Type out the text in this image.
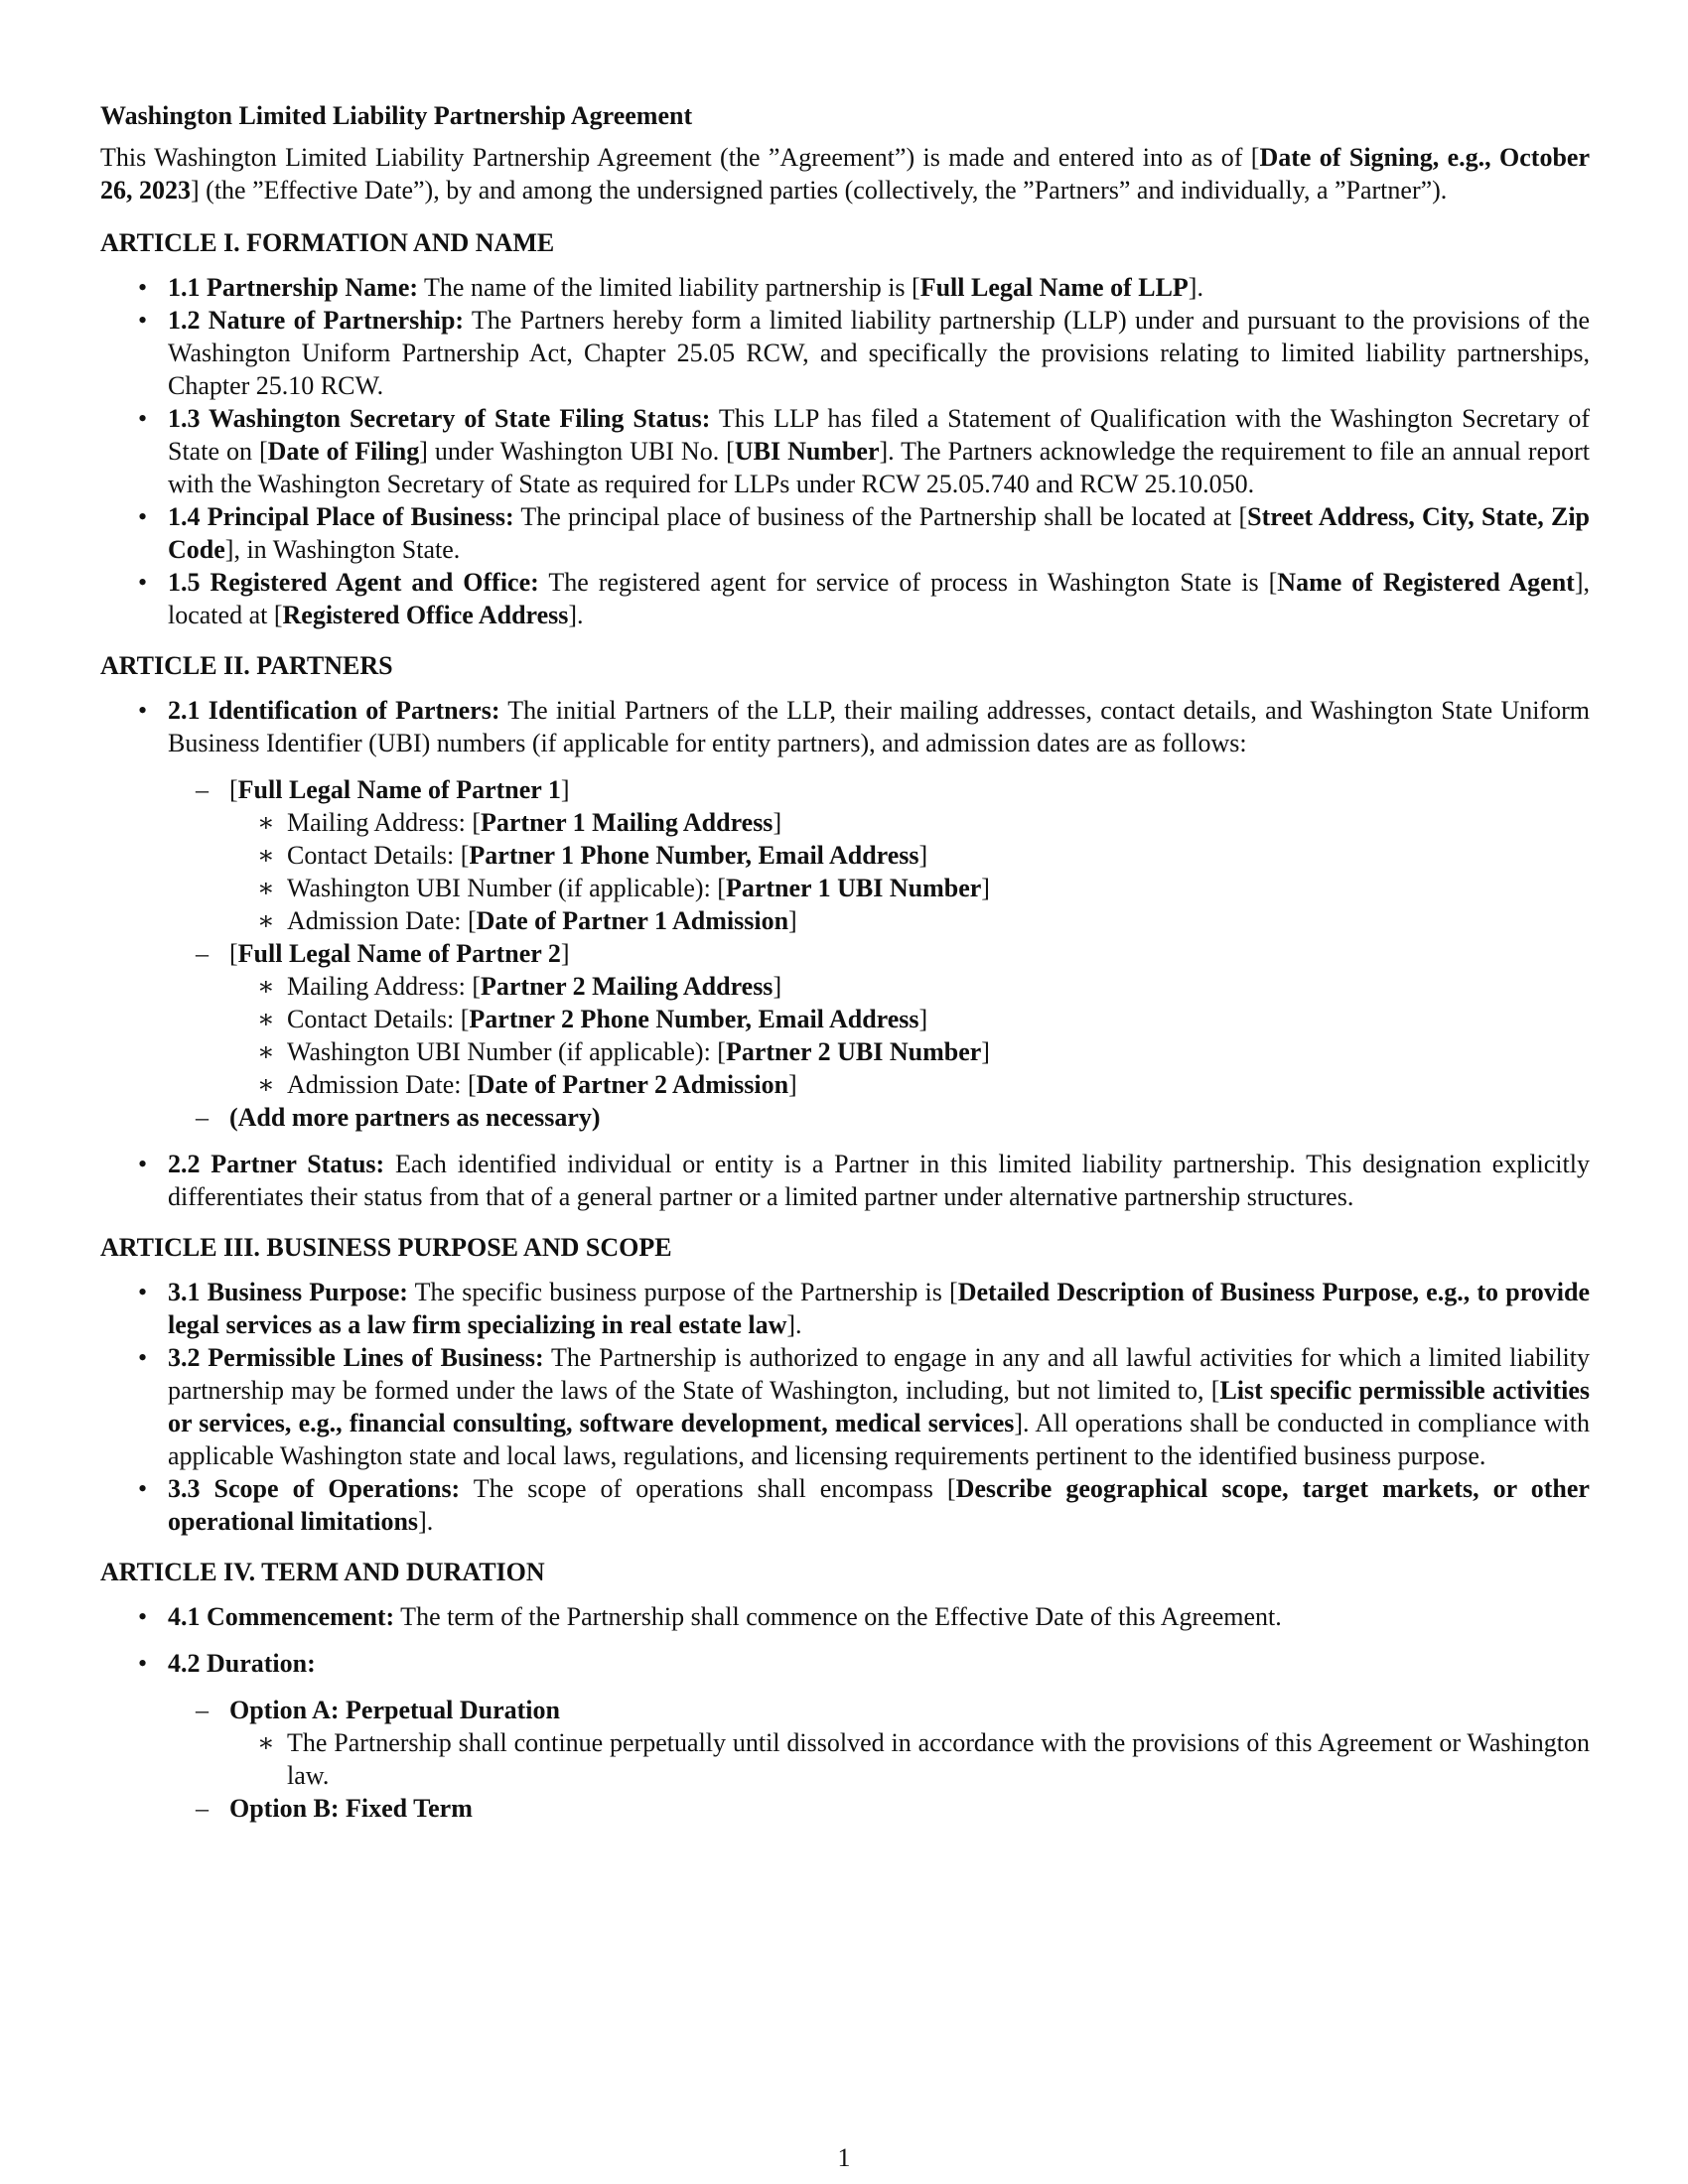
Washington Limited Liability Partnership Agreement

This Washington Limited Liability Partnership Agreement (the ”Agreement”) is made and entered into as of [Date of Signing, e.g., October 26, 2023] (the ”Effective Date”), by and among the undersigned parties (collectively, the ”Partners” and individually, a ”Partner”).

ARTICLE I. FORMATION AND NAME
• 1.1 Partnership Name: The name of the limited liability partnership is [Full Legal Name of LLP].
• 1.2 Nature of Partnership: The Partners hereby form a limited liability partnership (LLP) under and pursuant to the provisions of the Washington Uniform Partnership Act, Chapter 25.05 RCW, and specifically the provisions relating to limited liability partnerships, Chapter 25.10 RCW.
• 1.3 Washington Secretary of State Filing Status: This LLP has filed a Statement of Qualification with the Washington Secretary of State on [Date of Filing] under Washington UBI No. [UBI Number]. The Partners acknowledge the requirement to file an annual report with the Washington Secretary of State as required for LLPs under RCW 25.05.740 and RCW 25.10.050.
• 1.4 Principal Place of Business: The principal place of business of the Partnership shall be located at [Street Address, City, State, Zip Code], in Washington State.
• 1.5 Registered Agent and Office: The registered agent for service of process in Washington State is [Name of Registered Agent], located at [Registered Office Address].
ARTICLE II. PARTNERS
• 2.1 Identification of Partners: The initial Partners of the LLP, their mailing addresses, contact details, and Washington State Uniform Business Identifier (UBI) numbers (if applicable for entity partners), and admission dates are as follows:
– [Full Legal Name of Partner 1]
∗ Mailing Address: [Partner 1 Mailing Address]
∗ Contact Details: [Partner 1 Phone Number, Email Address]
∗ Washington UBI Number (if applicable): [Partner 1 UBI Number]
∗ Admission Date: [Date of Partner 1 Admission]
– [Full Legal Name of Partner 2]
∗ Mailing Address: [Partner 2 Mailing Address]
∗ Contact Details: [Partner 2 Phone Number, Email Address]
∗ Washington UBI Number (if applicable): [Partner 2 UBI Number]
∗ Admission Date: [Date of Partner 2 Admission]
– (Add more partners as necessary)
• 2.2 Partner Status: Each identified individual or entity is a Partner in this limited liability partnership. This designation explicitly differentiates their status from that of a general partner or a limited partner under alternative partnership structures.
ARTICLE III. BUSINESS PURPOSE AND SCOPE
• 3.1 Business Purpose: The specific business purpose of the Partnership is [Detailed Description of Business Purpose, e.g., to provide legal services as a law firm specializing in real estate law].
• 3.2 Permissible Lines of Business: The Partnership is authorized to engage in any and all lawful activities for which a limited liability partnership may be formed under the laws of the State of Washington, including, but not limited to, [List specific permissible activities or services, e.g., financial consulting, software development, medical services]. All operations shall be conducted in compliance with applicable Washington state and local laws, regulations, and licensing requirements pertinent to the identified business purpose.
• 3.3 Scope of Operations: The scope of operations shall encompass [Describe geographical scope, target markets, or other operational limitations].
ARTICLE IV. TERM AND DURATION
• 4.1 Commencement: The term of the Partnership shall commence on the Effective Date of this Agreement.
• 4.2 Duration:
– Option A: Perpetual Duration
∗ The Partnership shall continue perpetually until dissolved in accordance with the provisions of this Agreement or Washington law.
– Option B: Fixed Term
1
